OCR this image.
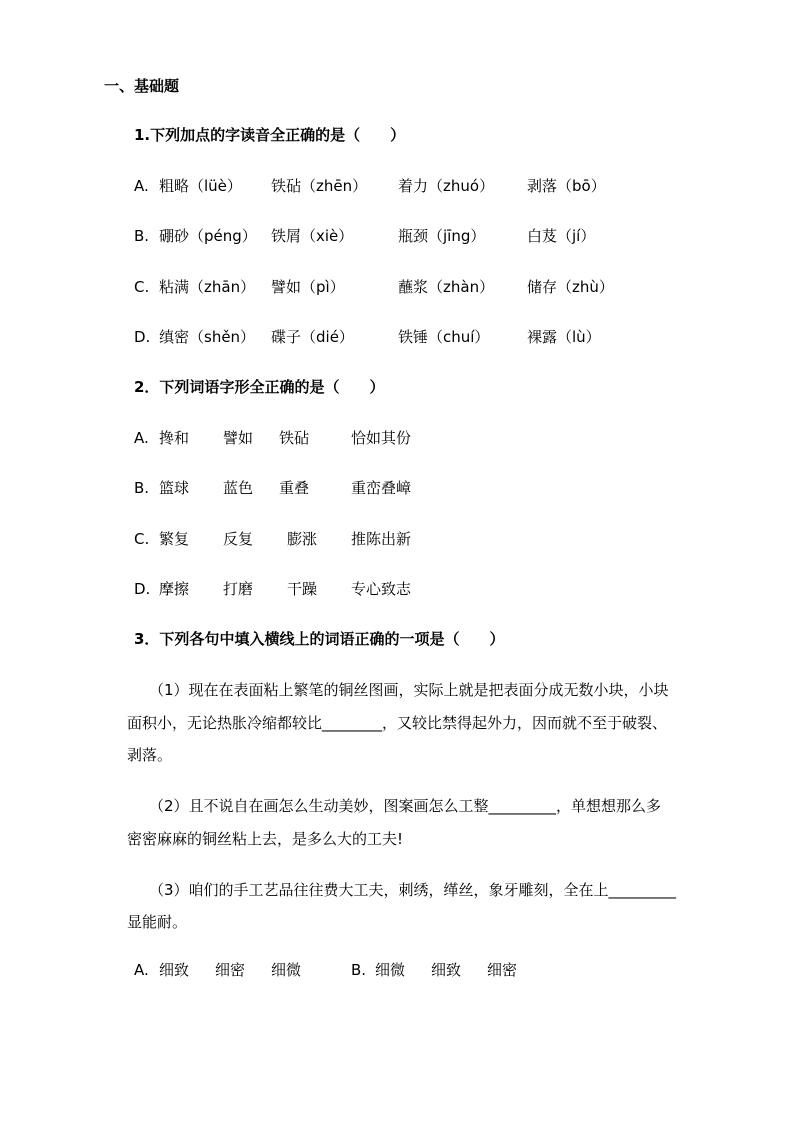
一、基础题
1.下列加点的字读音全正确的是（　　）
A. 粗略（lüè） 铁砧（zhēn） 着力（zhuó） 剥落（bō）
B. 硼砂（péng） 铁屑（xiè）	瓶颈（jīng）	白芨（jí）
C. 粘满（zhān） 譬如（pì）	蘸浆（zhàn） 储存（zhù）
D. 缜密（shěn） 碟子（dié）	铁锤（chuí）	裸露（lù）
2．下列词语字形全正确的是（　　）
A. 搀和 譬如 铁砧	恰如其份
B. 篮球 蓝色 重叠	重峦叠嶂
C. 繁复 反复 膨涨 推陈出新
D. 摩擦 打磨 干躁 专心致志
3．下列各句中填入横线上的词语正确的一项是（　　）
（1）现在在表面粘上繁笔的铜丝图画，实际上就是把表面分成无数小块，小块
面积小，无论热胀冷缩都较比________，又较比禁得起外力，因而就不至于破裂、
剥落。
（2）且不说自在画怎么生动美妙，图案画怎么工整_________，单想想那么多
密密麻麻的铜丝粘上去，是多么大的工夫!
（3）咱们的手工艺品往往费大工夫，刺绣，缂丝，象牙雕刻，全在上_________
显能耐。
A. 细致 细密 细微	B. 细微 细致 细密
